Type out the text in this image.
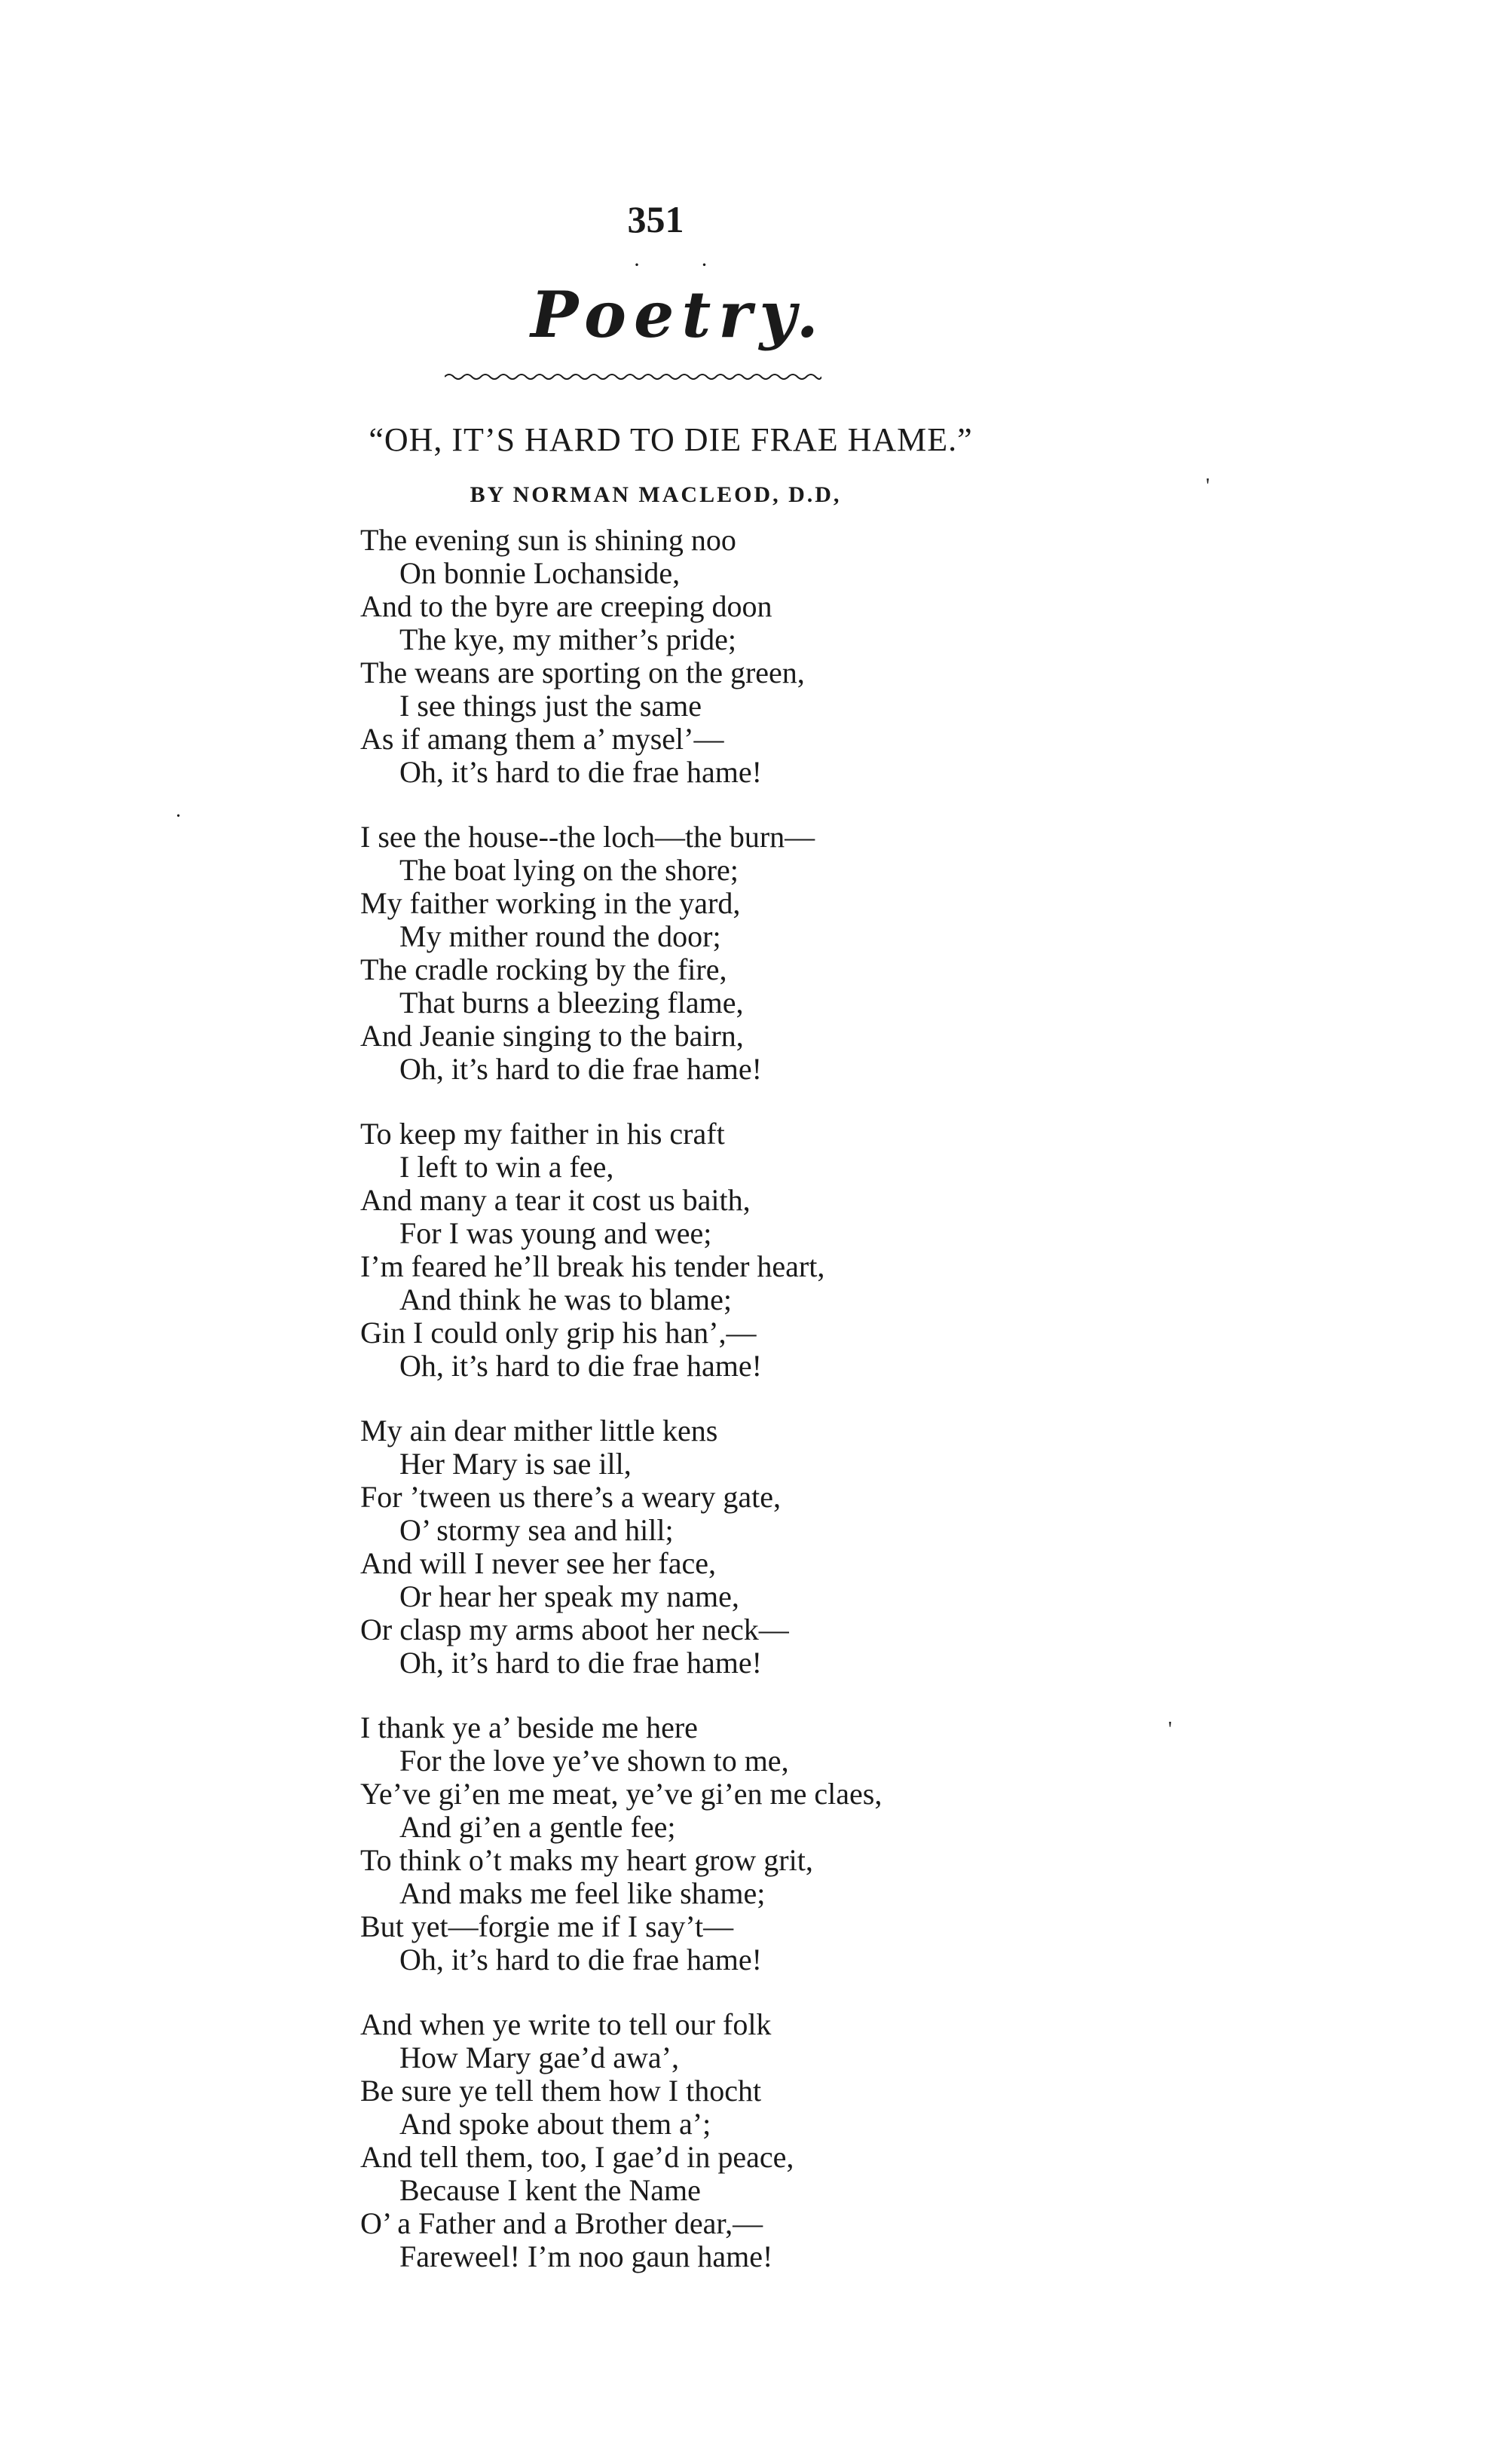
351
· ·
Poetry.
“OH, IT’S HARD TO DIE FRAE HAME.”
BY NORMAN MACLEOD, D.D,
The evening sun is shining noo
On bonnie Lochanside,
And to the byre are creeping doon
The kye, my mither’s pride;
The weans are sporting on the green,
I see things just the same
As if amang them a’ mysel’—
Oh, it’s hard to die frae hame!
I see the house--the loch—the burn—
The boat lying on the shore;
My faither working in the yard,
My mither round the door;
The cradle rocking by the fire,
That burns a bleezing flame,
And Jeanie singing to the bairn,
Oh, it’s hard to die frae hame!
To keep my faither in his craft
I left to win a fee,
And many a tear it cost us baith,
For I was young and wee;
I’m feared he’ll break his tender heart,
And think he was to blame;
Gin I could only grip his han’,—
Oh, it’s hard to die frae hame!
My ain dear mither little kens
Her Mary is sae ill,
For ’tween us there’s a weary gate,
O’ stormy sea and hill;
And will I never see her face,
Or hear her speak my name,
Or clasp my arms aboot her neck—
Oh, it’s hard to die frae hame!
I thank ye a’ beside me here
For the love ye’ve shown to me,
Ye’ve gi’en me meat, ye’ve gi’en me claes,
And gi’en a gentle fee;
To think o’t maks my heart grow grit,
And maks me feel like shame;
But yet—forgie me if I say’t—
Oh, it’s hard to die frae hame!
And when ye write to tell our folk
How Mary gae’d awa’,
Be sure ye tell them how I thocht
And spoke about them a’;
And tell them, too, I gae’d in peace,
Because I kent the Name
O’ a Father and a Brother dear,—
Fareweel! I’m noo gaun hame!
·
'
'
